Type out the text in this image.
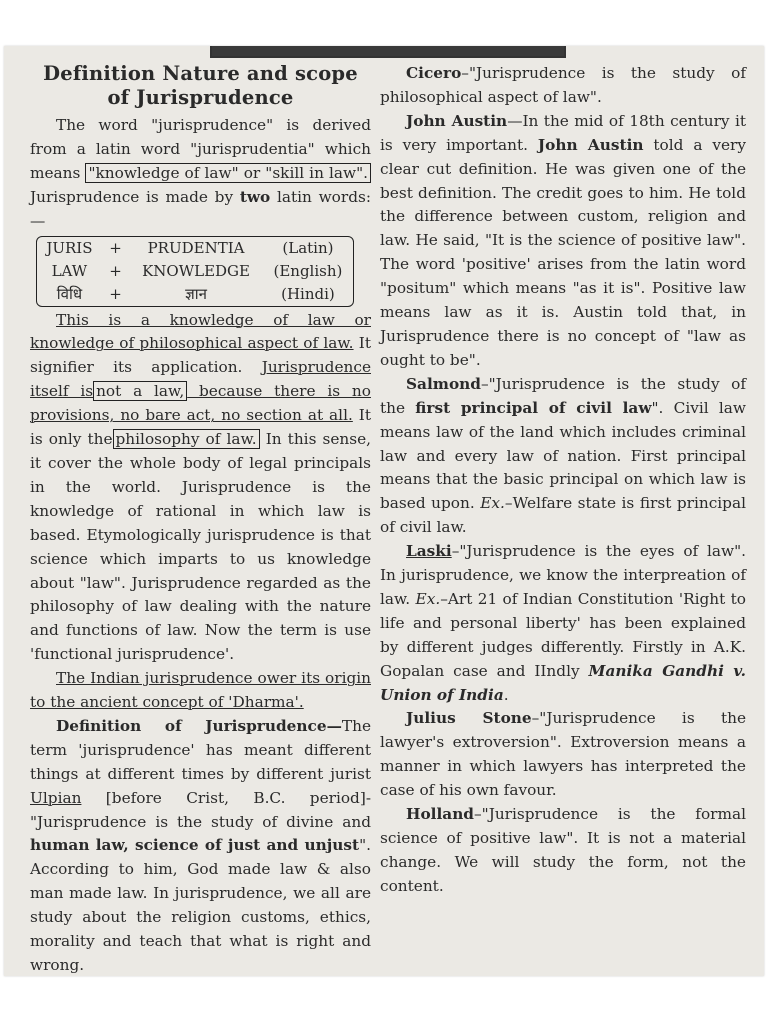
Definition Nature and scope of Jurisprudence

The word "jurisprudence" is derived from a latin word "jurisprudentia" which means "knowledge of law" or "skill in law". Jurisprudence is made by two latin words:—

JURIS	+	PRUDENTIA	(Latin)
LAW	+	KNOWLEDGE	(English)
विधि	+	ज्ञान	(Hindi)

This is a knowledge of law or knowledge of philosophical aspect of law. It signifier its application. Jurisprudence itself is not a law, because there is no provisions, no bare act, no section at all. It is only the philosophy of law. In this sense, it cover the whole body of legal principals in the world. Jurisprudence is the knowledge of rational in which law is based. Etymologically jurisprudence is that science which imparts to us knowledge about "law". Jurisprudence regarded as the philosophy of law dealing with the nature and functions of law. Now the term is use 'functional jurisprudence'.

The Indian jurisprudence ower its origin to the ancient concept of 'Dharma'.

Definition of Jurisprudence—The term 'jurisprudence' has meant different things at different times by different jurist Ulpian [before Crist, B.C. period]- "Jurisprudence is the study of divine and human law, science of just and unjust". According to him, God made law & also man made law. In jurisprudence, we all are study about the religion customs, ethics, morality and teach that what is right and wrong.

Cicero–"Jurisprudence is the study of philosophical aspect of law".

John Austin—In the mid of 18th century it is very important. John Austin told a very clear cut definition. He was given one of the best definition. The credit goes to him. He told the difference between custom, religion and law. He said, "It is the science of positive law". The word 'positive' arises from the latin word "positum" which means "as it is". Positive law means law as it is. Austin told that, in Jurisprudence there is no concept of "law as ought to be".

Salmond–"Jurisprudence is the study of the first principal of civil law". Civil law means law of the land which includes criminal law and every law of nation. First principal means that the basic principal on which law is based upon. Ex.–Welfare state is first principal of civil law.

Laski–"Jurisprudence is the eyes of law". In jurisprudence, we know the interpreation of law. Ex.–Art 21 of Indian Constitution 'Right to life and personal liberty' has been explained by different judges differently. Firstly in A.K. Gopalan case and IIndly Manika Gandhi v. Union of India.

Julius Stone–"Jurisprudence is the lawyer's extroversion". Extroversion means a manner in which lawyers has interpreted the case of his own favour.

Holland–"Jurisprudence is the formal science of positive law". It is not a material change. We will study the form, not the content.
